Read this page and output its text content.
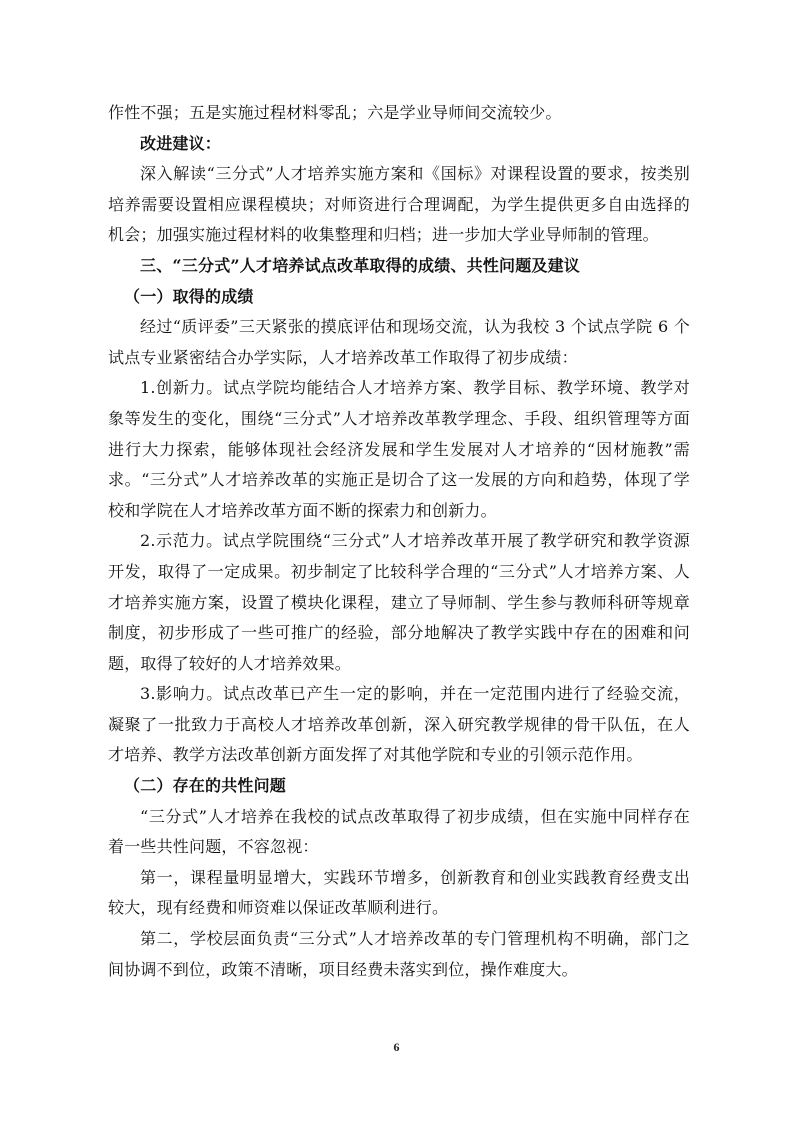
作性不强；五是实施过程材料零乱；六是学业导师间交流较少。

改进建议：

深入解读“三分式”人才培养实施方案和《国标》对课程设置的要求，按类别培养需要设置相应课程模块；对师资进行合理调配，为学生提供更多自由选择的机会；加强实施过程材料的收集整理和归档；进一步加大学业导师制的管理。

三、“三分式”人才培养试点改革取得的成绩、共性问题及建议

（一）取得的成绩

经过“质评委”三天紧张的摸底评估和现场交流，认为我校 3 个试点学院 6 个试点专业紧密结合办学实际，人才培养改革工作取得了初步成绩：

1.创新力。试点学院均能结合人才培养方案、教学目标、教学环境、教学对象等发生的变化，围绕“三分式”人才培养改革教学理念、手段、组织管理等方面进行大力探索，能够体现社会经济发展和学生发展对人才培养的“因材施教”需求。“三分式”人才培养改革的实施正是切合了这一发展的方向和趋势，体现了学校和学院在人才培养改革方面不断的探索力和创新力。

2.示范力。试点学院围绕“三分式”人才培养改革开展了教学研究和教学资源开发，取得了一定成果。初步制定了比较科学合理的“三分式”人才培养方案、人才培养实施方案，设置了模块化课程，建立了导师制、学生参与教师科研等规章制度，初步形成了一些可推广的经验，部分地解决了教学实践中存在的困难和问题，取得了较好的人才培养效果。

3.影响力。试点改革已产生一定的影响，并在一定范围内进行了经验交流，凝聚了一批致力于高校人才培养改革创新，深入研究教学规律的骨干队伍，在人才培养、教学方法改革创新方面发挥了对其他学院和专业的引领示范作用。

（二）存在的共性问题

“三分式”人才培养在我校的试点改革取得了初步成绩，但在实施中同样存在着一些共性问题，不容忽视：

第一，课程量明显增大，实践环节增多，创新教育和创业实践教育经费支出较大，现有经费和师资难以保证改革顺利进行。

第二，学校层面负责“三分式”人才培养改革的专门管理机构不明确，部门之间协调不到位，政策不清晰，项目经费未落实到位，操作难度大。

6
